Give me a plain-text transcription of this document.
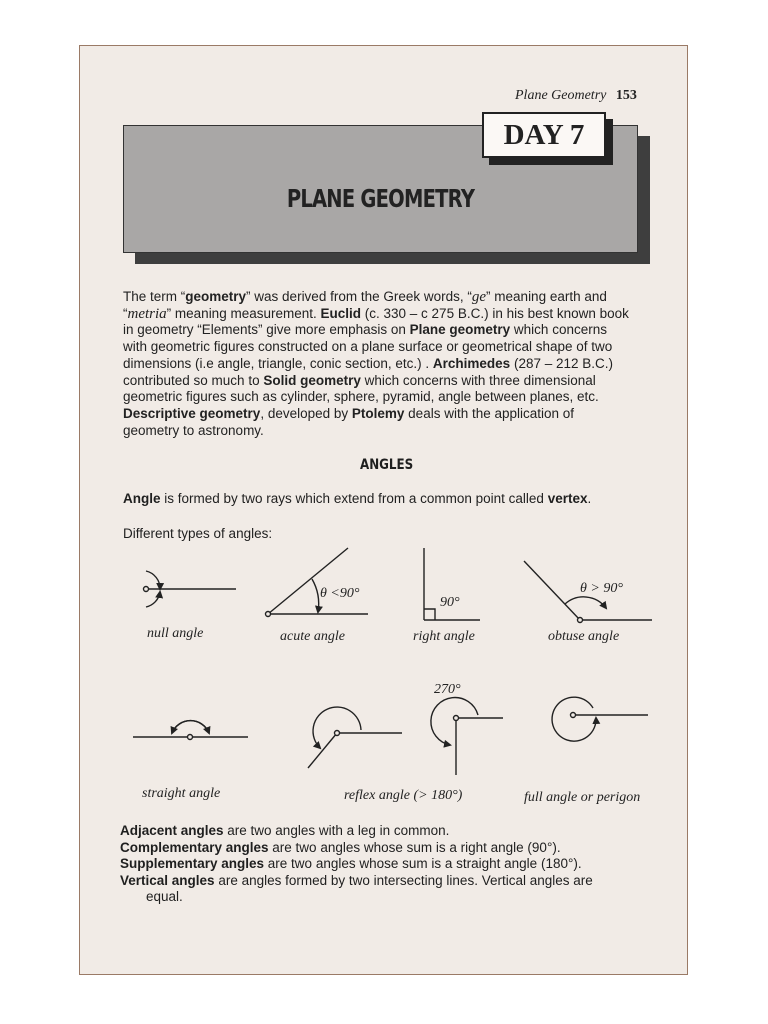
Plane Geometry 153
DAY 7
PLANE GEOMETRY

The term “geometry” was derived from the Greek words, “ge” meaning earth and “metria” meaning measurement. Euclid (c. 330 – c 275 B.C.) in his best known book in geometry “Elements” give more emphasis on Plane geometry which concerns with geometric figures constructed on a plane surface or geometrical shape of two dimensions (i.e angle, triangle, conic section, etc.) . Archimedes (287 – 212 B.C.) contributed so much to Solid geometry which concerns with three dimensional geometric figures such as cylinder, sphere, pyramid, angle between planes, etc. Descriptive geometry, developed by Ptolemy deals with the application of geometry to astronomy.

ANGLES
Angle is formed by two rays which extend from a common point called vertex.
Different types of angles:
null angle	acute angle
θ <90°
right angle
90°
obtuse angle
θ > 90°
straight angle
270°
reflex angle (> 180°)	full angle or perigon
Adjacent angles are two angles with a leg in common.
Complementary angles are two angles whose sum is a right angle (90°).
Supplementary angles are two angles whose sum is a straight angle (180°).
Vertical angles are angles formed by two intersecting lines. Vertical angles are
equal.
